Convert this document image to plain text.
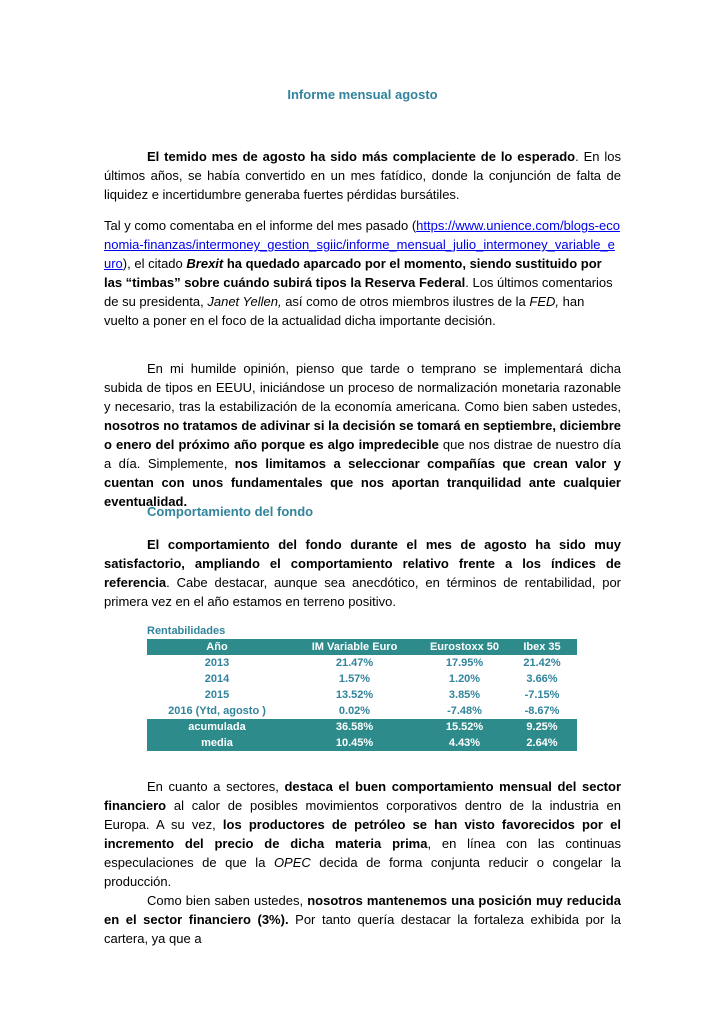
Informe mensual agosto
El temido mes de agosto ha sido más complaciente de lo esperado. En los últimos años, se había convertido en un mes fatídico, donde la conjunción de falta de liquidez e incertidumbre generaba fuertes pérdidas bursátiles.
Tal y como comentaba en el informe del mes pasado (https://www.unience.com/blogs-economia-finanzas/intermoney_gestion_sgiic/informe_mensual_julio_intermoney_variable_euro), el citado Brexit ha quedado aparcado por el momento, siendo sustituido por las “timbas” sobre cuándo subirá tipos la Reserva Federal. Los últimos comentarios de su presidenta, Janet Yellen, así como de otros miembros ilustres de la FED, han vuelto a poner en el foco de la actualidad dicha importante decisión.
En mi humilde opinión, pienso que tarde o temprano se implementará dicha subida de tipos en EEUU, iniciándose un proceso de normalización monetaria razonable y necesario, tras la estabilización de la economía americana. Como bien saben ustedes, nosotros no tratamos de adivinar si la decisión se tomará en septiembre, diciembre o enero del próximo año porque es algo impredecible que nos distrae de nuestro día a día. Simplemente, nos limitamos a seleccionar compañías que crean valor y cuentan con unos fundamentales que nos aportan tranquilidad ante cualquier eventualidad.
Comportamiento del fondo
El comportamiento del fondo durante el mes de agosto ha sido muy satisfactorio, ampliando el comportamiento relativo frente a los índices de referencia. Cabe destacar, aunque sea anecdótico, en términos de rentabilidad, por primera vez en el año estamos en terreno positivo.
Rentabilidades
Año	IM Variable Euro	Eurostoxx 50	Ibex 35
2013	21.47%	17.95%	21.42%
2014	1.57%	1.20%	3.66%
2015	13.52%	3.85%	-7.15%
2016 (Ytd, agosto )	0.02%	-7.48%	-8.67%
acumulada	36.58%	15.52%	9.25%
media	10.45%	4.43%	2.64%
En cuanto a sectores, destaca el buen comportamiento mensual del sector financiero al calor de posibles movimientos corporativos dentro de la industria en Europa. A su vez, los productores de petróleo se han visto favorecidos por el incremento del precio de dicha materia prima, en línea con las continuas especulaciones de que la OPEC decida de forma conjunta reducir o congelar la producción.
Como bien saben ustedes, nosotros mantenemos una posición muy reducida en el sector financiero (3%). Por tanto quería destacar la fortaleza exhibida por la cartera, ya que a
